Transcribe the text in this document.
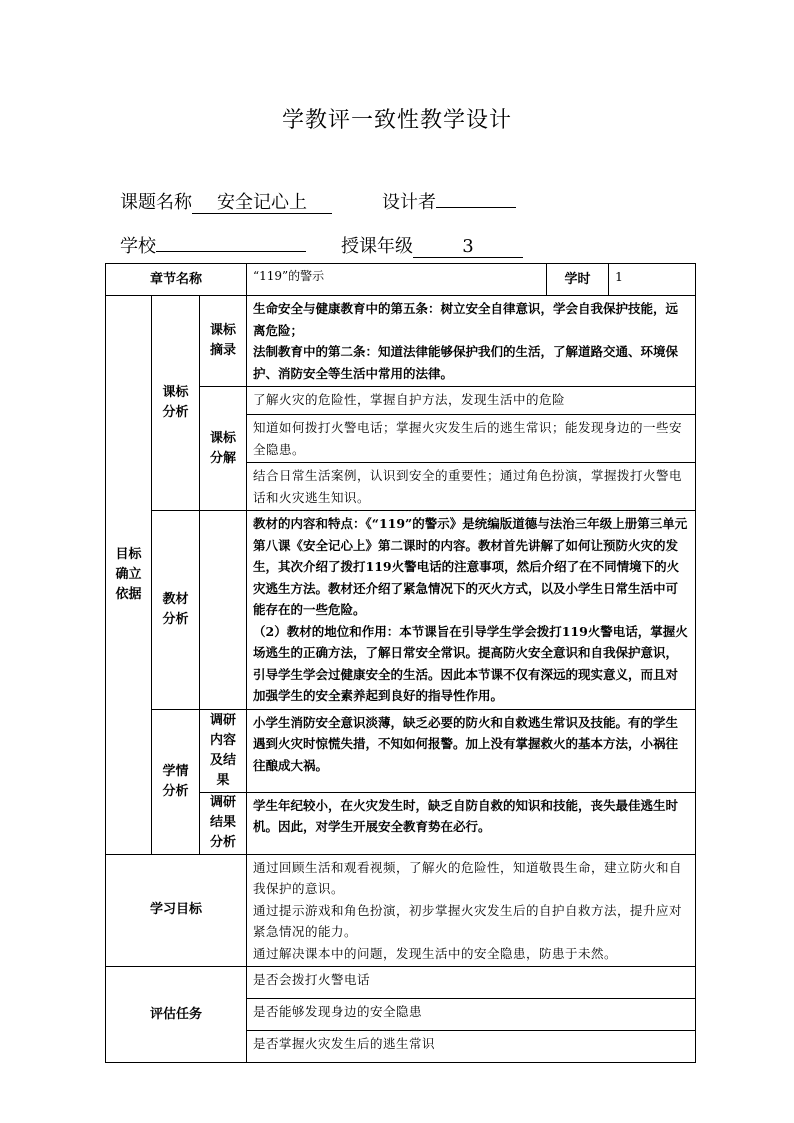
学教评一致性教学设计
课题名称 安全记心上	设计者
学校	授课年级	3
章节名称			“119”的警示	学时	1

目标确立依据	课标分析	课标摘录	生命安全与健康教育中的第五条：树立安全自律意识，学会自我保护技能，远离危险；
法制教育中的第二条：知道法律能够保护我们的生活，了解道路交通、环境保护、消防安全等生活中常用的法律。		

		课标分解	了解火灾的危险性，掌握自护方法，发现生活中的危险		
			知道如何拨打火警电话；掌握火灾发生后的逃生常识；能发现身边的一些安全隐患。		
			结合日常生活案例，认识到安全的重要性；通过角色扮演，掌握拨打火警电话和火灾逃生知识。		

	教材分析		教材的内容和特点：《“119”的警示》是统编版道德与法治三年级上册第三单元第八课《安全记心上》第二课时的内容。教材首先讲解了如何让预防火灾的发生，其次介绍了拨打119火警电话的注意事项，然后介绍了在不同情境下的火灾逃生方法。教材还介绍了紧急情况下的灭火方式，以及小学生日常生活中可能存在的一些危险。
（2）教材的地位和作用：本节课旨在引导学生学会拨打119火警电话，掌握火场逃生的正确方法，了解日常安全常识。提高防火安全意识和自我保护意识，引导学生学会过健康安全的生活。因此本节课不仅有深远的现实意义，而且对加强学生的安全素养起到良好的指导性作用。		

	学情分析	调研内容及结果	小学生消防安全意识淡薄，缺乏必要的防火和自救逃生常识及技能。有的学生遇到火灾时惊慌失措，不知如何报警。加上没有掌握救火的基本方法，小祸往往酿成大祸。		

		调研结果分析	学生年纪较小，在火灾发生时，缺乏自防自救的知识和技能，丧失最佳逃生时机。因此，对学生开展安全教育势在必行。		
学习目标			通过回顾生活和观看视频，了解火的危险性，知道敬畏生命，建立防火和自我保护的意识。
通过提示游戏和角色扮演，初步掌握火灾发生后的自护自救方法，提升应对紧急情况的能力。
通过解决课本中的问题，发现生活中的安全隐患，防患于未然。		

评估任务			是否会拨打火警电话		
			是否能够发现身边的安全隐患		
			是否掌握火灾发生后的逃生常识		
